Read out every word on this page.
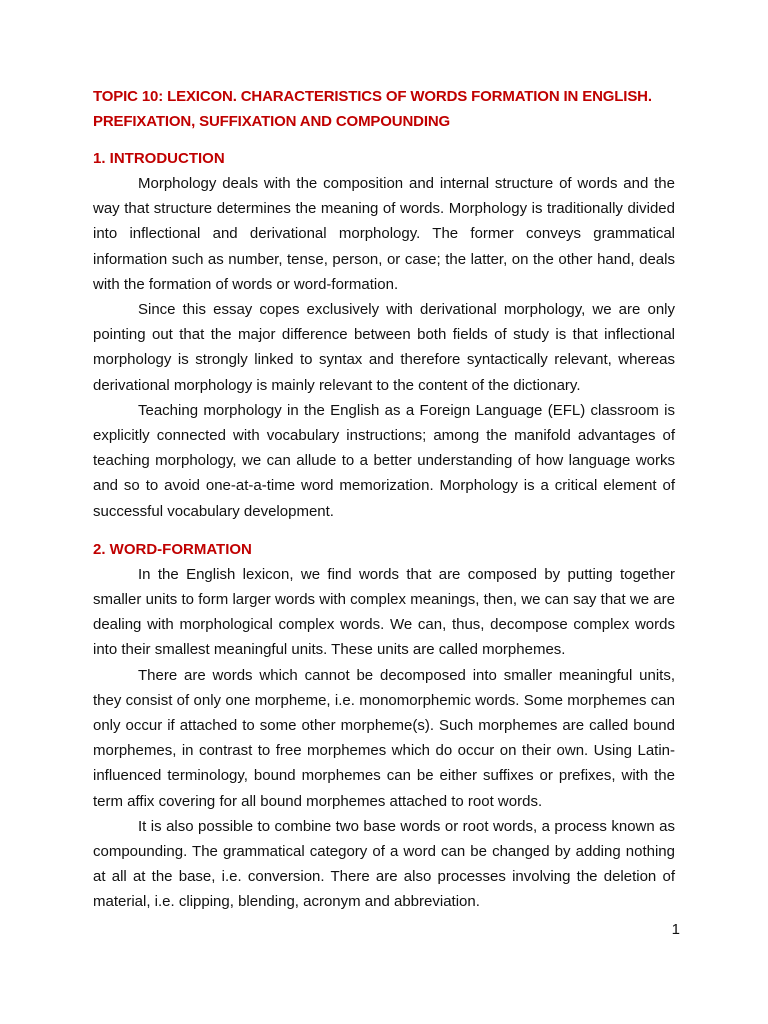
TOPIC 10: LEXICON. CHARACTERISTICS OF WORDS FORMATION IN ENGLISH. PREFIXATION, SUFFIXATION AND COMPOUNDING
1. INTRODUCTION

Morphology deals with the composition and internal structure of words and the way that structure determines the meaning of words. Morphology is traditionally divided into inflectional and derivational morphology. The former conveys grammatical information such as number, tense, person, or case; the latter, on the other hand, deals with the formation of words or word-formation.

Since this essay copes exclusively with derivational morphology, we are only pointing out that the major difference between both fields of study is that inflectional morphology is strongly linked to syntax and therefore syntactically relevant, whereas derivational morphology is mainly relevant to the content of the dictionary.

Teaching morphology in the English as a Foreign Language (EFL) classroom is explicitly connected with vocabulary instructions; among the manifold advantages of teaching morphology, we can allude to a better understanding of how language works and so to avoid one-at-a-time word memorization. Morphology is a critical element of successful vocabulary development.

2. WORD-FORMATION

In the English lexicon, we find words that are composed by putting together smaller units to form larger words with complex meanings, then, we can say that we are dealing with morphological complex words. We can, thus, decompose complex words into their smallest meaningful units. These units are called morphemes.

There are words which cannot be decomposed into smaller meaningful units, they consist of only one morpheme, i.e. monomorphemic words. Some morphemes can only occur if attached to some other morpheme(s). Such morphemes are called bound morphemes, in contrast to free morphemes which do occur on their own. Using Latin-influenced terminology, bound morphemes can be either suffixes or prefixes, with the term affix covering for all bound morphemes attached to root words.

It is also possible to combine two base words or root words, a process known as compounding. The grammatical category of a word can be changed by adding nothing at all at the base, i.e. conversion. There are also processes involving the deletion of material, i.e. clipping, blending, acronym and abbreviation.

1
